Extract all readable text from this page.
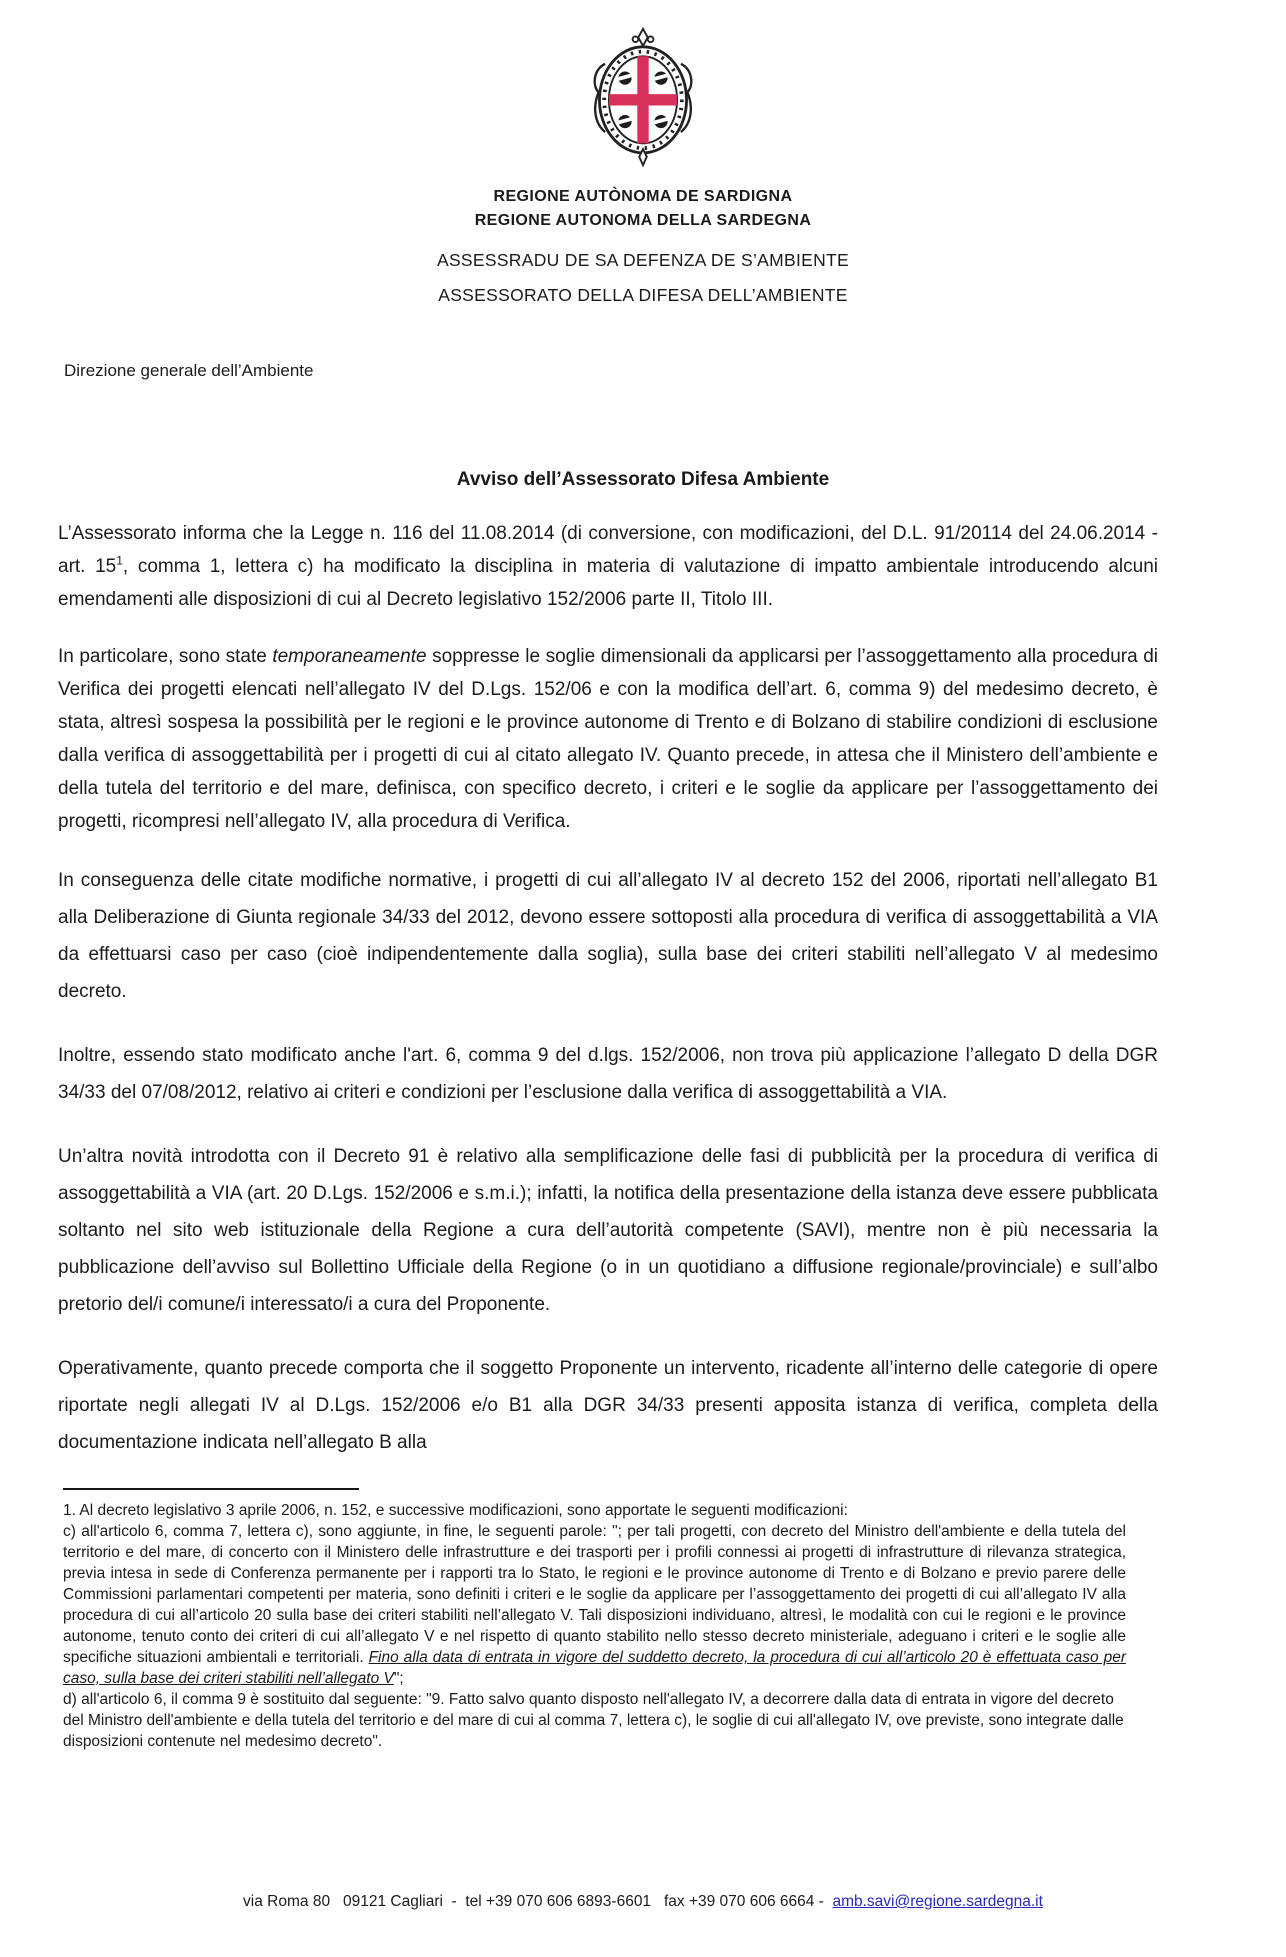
REGIONE AUTÒNOMA DE SARDIGNA
REGIONE AUTONOMA DELLA SARDEGNA
ASSESSRADU DE SA DEFENZA DE S’AMBIENTE
ASSESSORATO DELLA DIFESA DELL’AMBIENTE
Direzione generale dell’Ambiente
Avviso dell’Assessorato Difesa Ambiente

L’Assessorato informa che la Legge n. 116 del 11.08.2014 (di conversione, con modificazioni, del D.L. 91/20114 del 24.06.2014 - art. 15$^1$, comma 1, lettera c) ha modificato la disciplina in materia di valutazione di impatto ambientale introducendo alcuni emendamenti alle disposizioni di cui al Decreto legislativo 152/2006 parte II, Titolo III.

In particolare, sono state temporaneamente soppresse le soglie dimensionali da applicarsi per l’assoggettamento alla procedura di Verifica dei progetti elencati nell’allegato IV del D.Lgs. 152/06 e con la modifica dell’art. 6, comma 9) del medesimo decreto, è stata, altresì sospesa la possibilità per le regioni e le province autonome di Trento e di Bolzano di stabilire condizioni di esclusione dalla verifica di assoggettabilità per i progetti di cui al citato allegato IV. Quanto precede, in attesa che il Ministero dell’ambiente e della tutela del territorio e del mare, definisca, con specifico decreto, i criteri e le soglie da applicare per l’assoggettamento dei progetti, ricompresi nell’allegato IV, alla procedura di Verifica.

In conseguenza delle citate modifiche normative, i progetti di cui all’allegato IV al decreto 152 del 2006, riportati nell’allegato B1 alla Deliberazione di Giunta regionale 34/33 del 2012, devono essere sottoposti alla procedura di verifica di assoggettabilità a VIA da effettuarsi caso per caso (cioè indipendentemente dalla soglia), sulla base dei criteri stabiliti nell’allegato V al medesimo decreto.

Inoltre, essendo stato modificato anche l'art. 6, comma 9 del d.lgs. 152/2006, non trova più applicazione l’allegato D della DGR 34/33 del 07/08/2012, relativo ai criteri e condizioni per l’esclusione dalla verifica di assoggettabilità a VIA.

Un’altra novità introdotta con il Decreto 91 è relativo alla semplificazione delle fasi di pubblicità per la procedura di verifica di assoggettabilità a VIA (art. 20 D.Lgs. 152/2006 e s.m.i.); infatti, la notifica della presentazione della istanza deve essere pubblicata soltanto nel sito web istituzionale della Regione a cura dell’autorità competente (SAVI), mentre non è più necessaria la pubblicazione dell’avviso sul Bollettino Ufficiale della Regione (o in un quotidiano a diffusione regionale/provinciale) e sull’albo pretorio del/i comune/i interessato/i a cura del Proponente.

Operativamente, quanto precede comporta che il soggetto Proponente un intervento, ricadente all’interno delle categorie di opere riportate negli allegati IV al D.Lgs. 152/2006 e/o B1 alla DGR 34/33 presenti apposita istanza di verifica, completa della documentazione indicata nell’allegato B alla

1. Al decreto legislativo 3 aprile 2006, n. 152, e successive modificazioni, sono apportate le seguenti modificazioni:

c) all'articolo 6, comma 7, lettera c), sono aggiunte, in fine, le seguenti parole: "; per tali progetti, con decreto del Ministro dell'ambiente e della tutela del territorio e del mare, di concerto con il Ministero delle infrastrutture e dei trasporti per i profili connessi ai progetti di infrastrutture di rilevanza strategica, previa intesa in sede di Conferenza permanente per i rapporti tra lo Stato, le regioni e le province autonome di Trento e di Bolzano e previo parere delle Commissioni parlamentari competenti per materia, sono definiti i criteri e le soglie da applicare per l’assoggettamento dei progetti di cui all’allegato IV alla procedura di cui all’articolo 20 sulla base dei criteri stabiliti nell’allegato V. Tali disposizioni individuano, altresì, le modalità con cui le regioni e le province autonome, tenuto conto dei criteri di cui all’allegato V e nel rispetto di quanto stabilito nello stesso decreto ministeriale, adeguano i criteri e le soglie alle specifiche situazioni ambientali e territoriali. Fino alla data di entrata in vigore del suddetto decreto, la procedura di cui all’articolo 20 è effettuata caso per caso, sulla base dei criteri stabiliti nell’allegato V";

d) all'articolo 6, il comma 9 è sostituito dal seguente: "9. Fatto salvo quanto disposto nell'allegato IV, a decorrere dalla data di entrata in vigore del decreto del Ministro dell'ambiente e della tutela del territorio e del mare di cui al comma 7, lettera c), le soglie di cui all'allegato IV, ove previste, sono integrate dalle disposizioni contenute nel medesimo decreto".

via Roma 80   09121 Cagliari  -  tel +39 070 606 6893-6601   fax +39 070 606 6664 -  amb.savi@regione.sardegna.it
